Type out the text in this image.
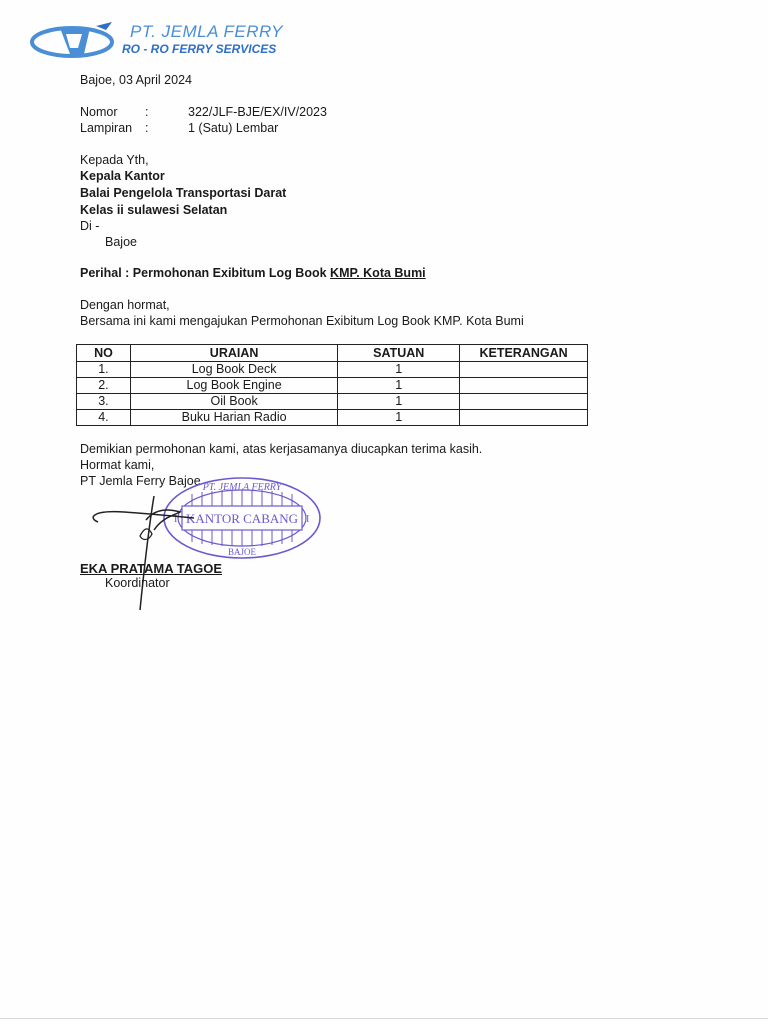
PT. JEMLA FERRY
RO - RO FERRY SERVICES
Bajoe, 03 April 2024
Nomor :	322/JLF-BJE/EX/IV/2023
Lampiran :	1 (Satu) Lembar
Kepada Yth,
Kepala Kantor
Balai Pengelola Transportasi Darat
Kelas ii sulawesi Selatan
Di -
Bajoe
Perihal : Permohonan Exibitum Log Book KMP. Kota Bumi
Dengan hormat,
Bersama ini kami mengajukan Permohonan Exibitum Log Book KMP. Kota Bumi
NO	URAIAN	SATUAN	KETERANGAN
1.	Log Book Deck	1	
2.	Log Book Engine	1	
3.	Oil Book	1	
4.	Buku Harian Radio	1	
Demikian permohonan kami, atas kerjasamanya diucapkan terima kasih.
Hormat kami,
PT Jemla Ferry Bajoe PT. JEMLA FERRY
KANTOR CABANG
BAJOE
I	I
EKA PRATAMA TAGOE
Koordinator
